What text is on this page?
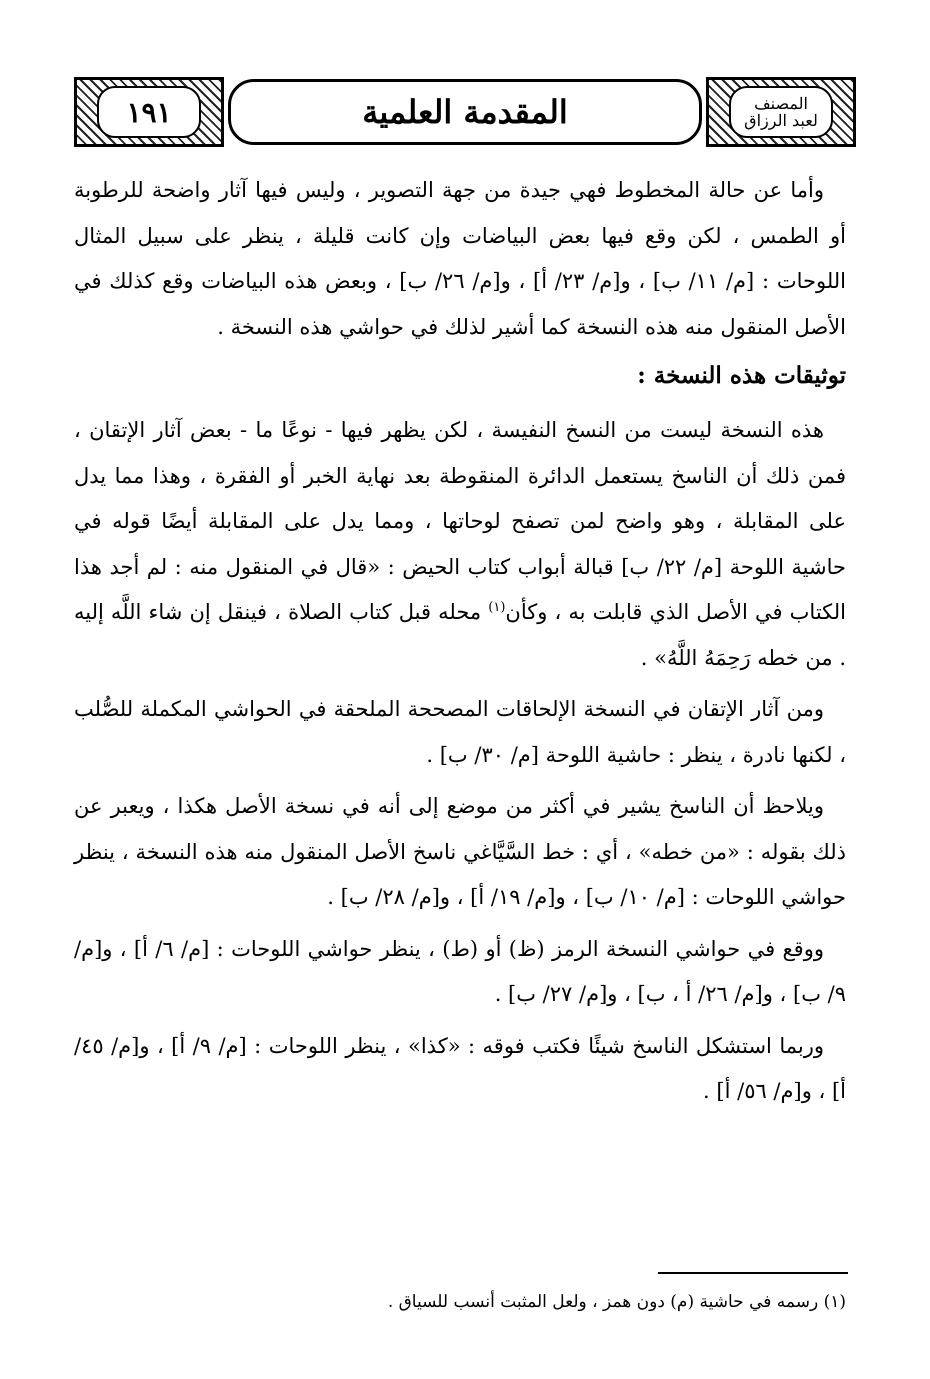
١٩١	المقدمة العلمية	المصنف
لعبد الرزاق

وأما عن حالة المخطوط فهي جيدة من جهة التصوير ، وليس فيها آثار واضحة للرطوبة أو الطمس ، لكن وقع فيها بعض البياضات وإن كانت قليلة ، ينظر على سبيل المثال اللوحات : [م/ ١١/ ب] ، و[م/ ٢٣/ أ] ، و[م/ ٢٦/ ب] ، وبعض هذه البياضات وقع كذلك في الأصل المنقول منه هذه النسخة كما أشير لذلك في حواشي هذه النسخة .

توثيقات هذه النسخة :

هذه النسخة ليست من النسخ النفيسة ، لكن يظهر فيها - نوعًا ما - بعض آثار الإتقان ، فمن ذلك أن الناسخ يستعمل الدائرة المنقوطة بعد نهاية الخبر أو الفقرة ، وهذا مما يدل على المقابلة ، وهو واضح لمن تصفح لوحاتها ، ومما يدل على المقابلة أيضًا قوله في حاشية اللوحة [م/ ٢٢/ ب] قبالة أبواب كتاب الحيض : «قال في المنقول منه : لم أجد هذا الكتاب في الأصل الذي قابلت به ، وكأن$^{(١)}$ محله قبل كتاب الصلاة ، فينقل إن شاء اللَّه إليه . من خطه رَحِمَهُ اللَّهُ» .

ومن آثار الإتقان في النسخة الإلحاقات المصححة الملحقة في الحواشي المكملة للصُّلب ، لكنها نادرة ، ينظر : حاشية اللوحة [م/ ٣٠/ ب] .

ويلاحظ أن الناسخ يشير في أكثر من موضع إلى أنه في نسخة الأصل هكذا ، ويعبر عن ذلك بقوله : «من خطه» ، أي : خط السَّيَّاغي ناسخ الأصل المنقول منه هذه النسخة ، ينظر حواشي اللوحات : [م/ ١٠/ ب] ، و[م/ ١٩/ أ] ، و[م/ ٢٨/ ب] .

ووقع في حواشي النسخة الرمز (ظ) أو (ط) ، ينظر حواشي اللوحات : [م/ ٦/ أ] ، و[م/ ٩/ ب] ، و[م/ ٢٦/ أ ، ب] ، و[م/ ٢٧/ ب] .

وربما استشكل الناسخ شيئًا فكتب فوقه : «كذا» ، ينظر اللوحات : [م/ ٩/ أ] ، و[م/ ٤٥/ أ] ، و[م/ ٥٦/ أ] .

(١) رسمه في حاشية (م) دون همز ، ولعل المثبت أنسب للسياق .
